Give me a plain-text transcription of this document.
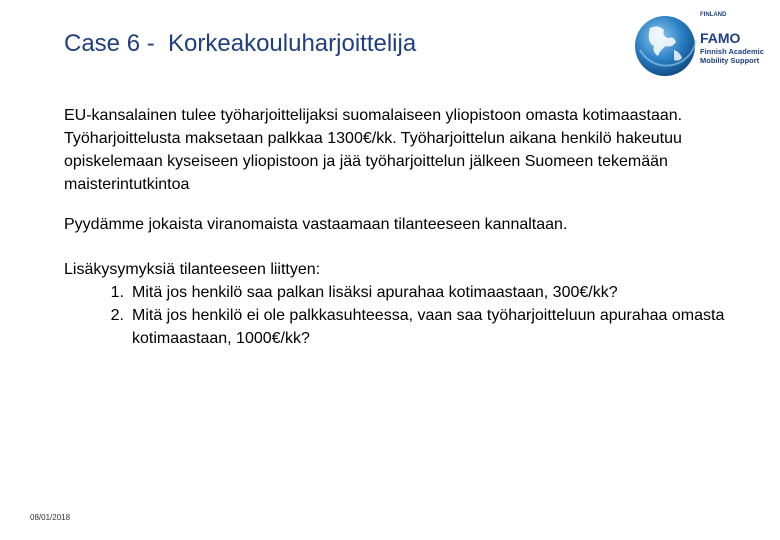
Case 6 -  Korkeakouluharjoittelija
FINLAND
FAMO
Finnish Academic
Mobility Support

EU-kansalainen tulee työharjoittelijaksi suomalaiseen yliopistoon omasta kotimaastaan. Työharjoittelusta maksetaan palkkaa 1300€/kk. Työharjoittelun aikana henkilö hakeutuu opiskelemaan kyseiseen yliopistoon ja jää työharjoittelun jälkeen Suomeen tekemään maisterintutkintoa

Pyydämme jokaista viranomaista vastaamaan tilanteeseen kannaltaan.

Lisäkysymyksiä tilanteeseen liittyen:
1. Mitä jos henkilö saa palkan lisäksi apurahaa kotimaastaan, 300€/kk?
2. Mitä jos henkilö ei ole palkkasuhteessa, vaan saa työharjoitteluun apurahaa omasta kotimaastaan, 1000€/kk?
08/01/2018
